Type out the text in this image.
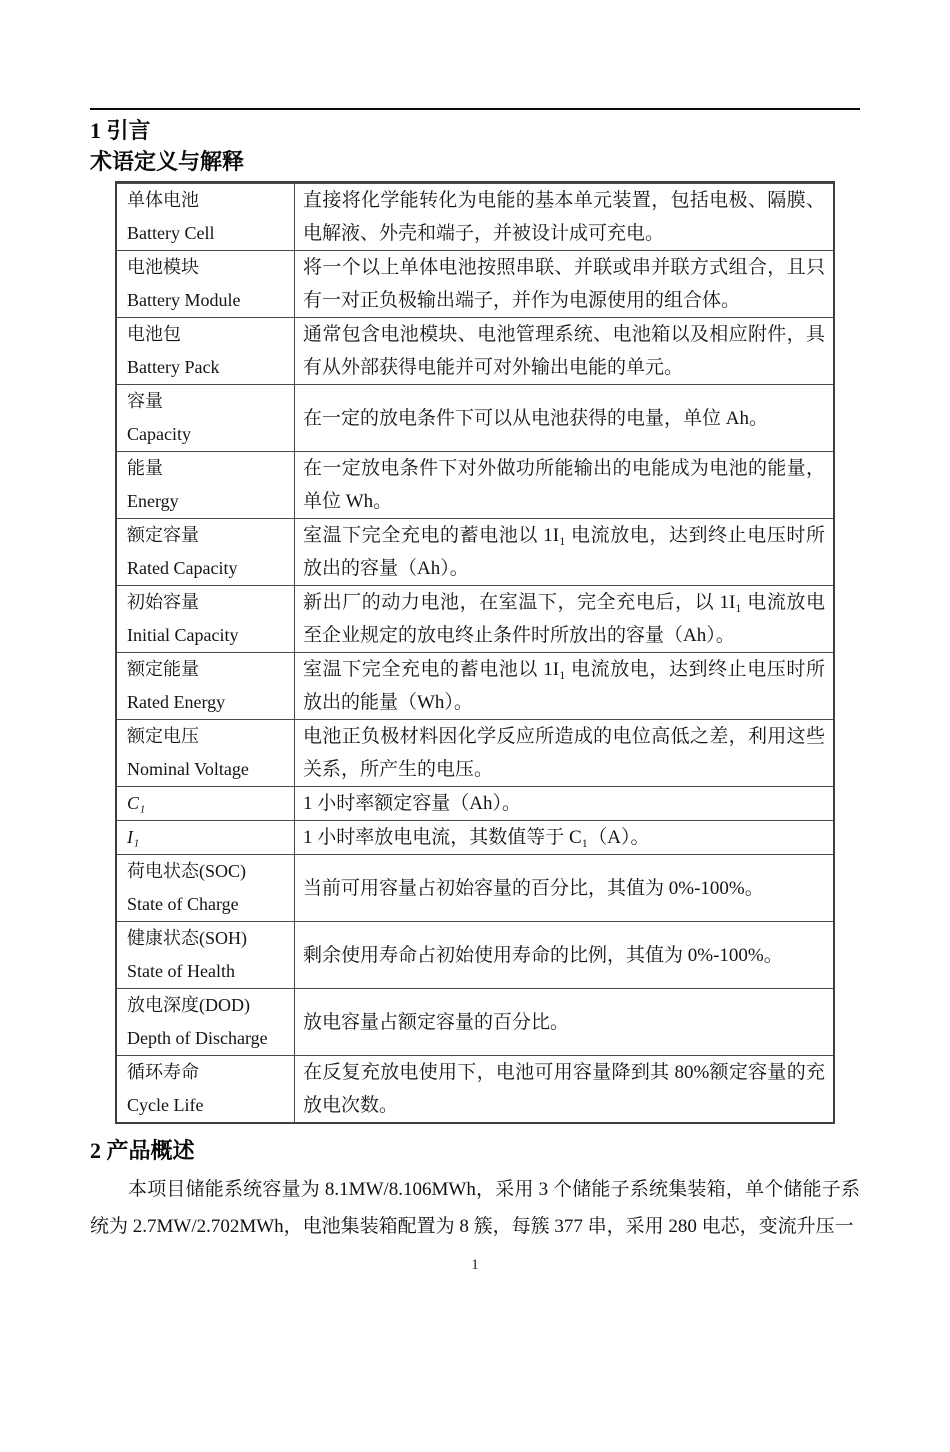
1 引言
术语定义与解释
单体电池
Battery Cell

直接将化学能转化为电能的基本单元装置，包括电极、隔膜、电解液、外壳和端子，并被设计成可充电。

电池模块
Battery Module

将一个以上单体电池按照串联、并联或串并联方式组合，且只有一对正负极输出端子，并作为电源使用的组合体。

电池包
Battery Pack

通常包含电池模块、电池管理系统、电池箱以及相应附件，具有从外部获得电能并可对外输出电能的单元。

容量
Capacity

在一定的放电条件下可以从电池获得的电量，单位 Ah。

能量
Energy

在一定放电条件下对外做功所能输出的电能成为电池的能量，单位 Wh。

额定容量
Rated Capacity

室温下完全充电的蓄电池以 1I₁ 电流放电，达到终止电压时所放出的容量（Ah）。

初始容量
Initial Capacity

新出厂的动力电池，在室温下，完全充电后，以 1I₁ 电流放电至企业规定的放电终止条件时所放出的容量（Ah）。

额定能量
Rated Energy

室温下完全充电的蓄电池以 1I₁ 电流放电，达到终止电压时所放出的能量（Wh）。

额定电压
Nominal Voltage

电池正负极材料因化学反应所造成的电位高低之差，利用这些关系，所产生的电压。

C₁	1 小时率额定容量（Ah）。

I₁	1 小时率放电电流，其数值等于 C₁（A）。

荷电状态(SOC)
State of Charge

当前可用容量占初始容量的百分比，其值为 0%-100%。

健康状态(SOH)
State of Health

剩余使用寿命占初始使用寿命的比例，其值为 0%-100%。

放电深度(DOD)
Depth of Discharge

放电容量占额定容量的百分比。

循环寿命
Cycle Life

在反复充放电使用下，电池可用容量降到其 80%额定容量的充放电次数。

2 产品概述

本项目储能系统容量为 8.1MW/8.106MWh，采用 3 个储能子系统集装箱，单个储能子系统为 2.7MW/2.702MWh，电池集装箱配置为 8 簇，每簇 377 串，采用 280 电芯，变流升压一

1
